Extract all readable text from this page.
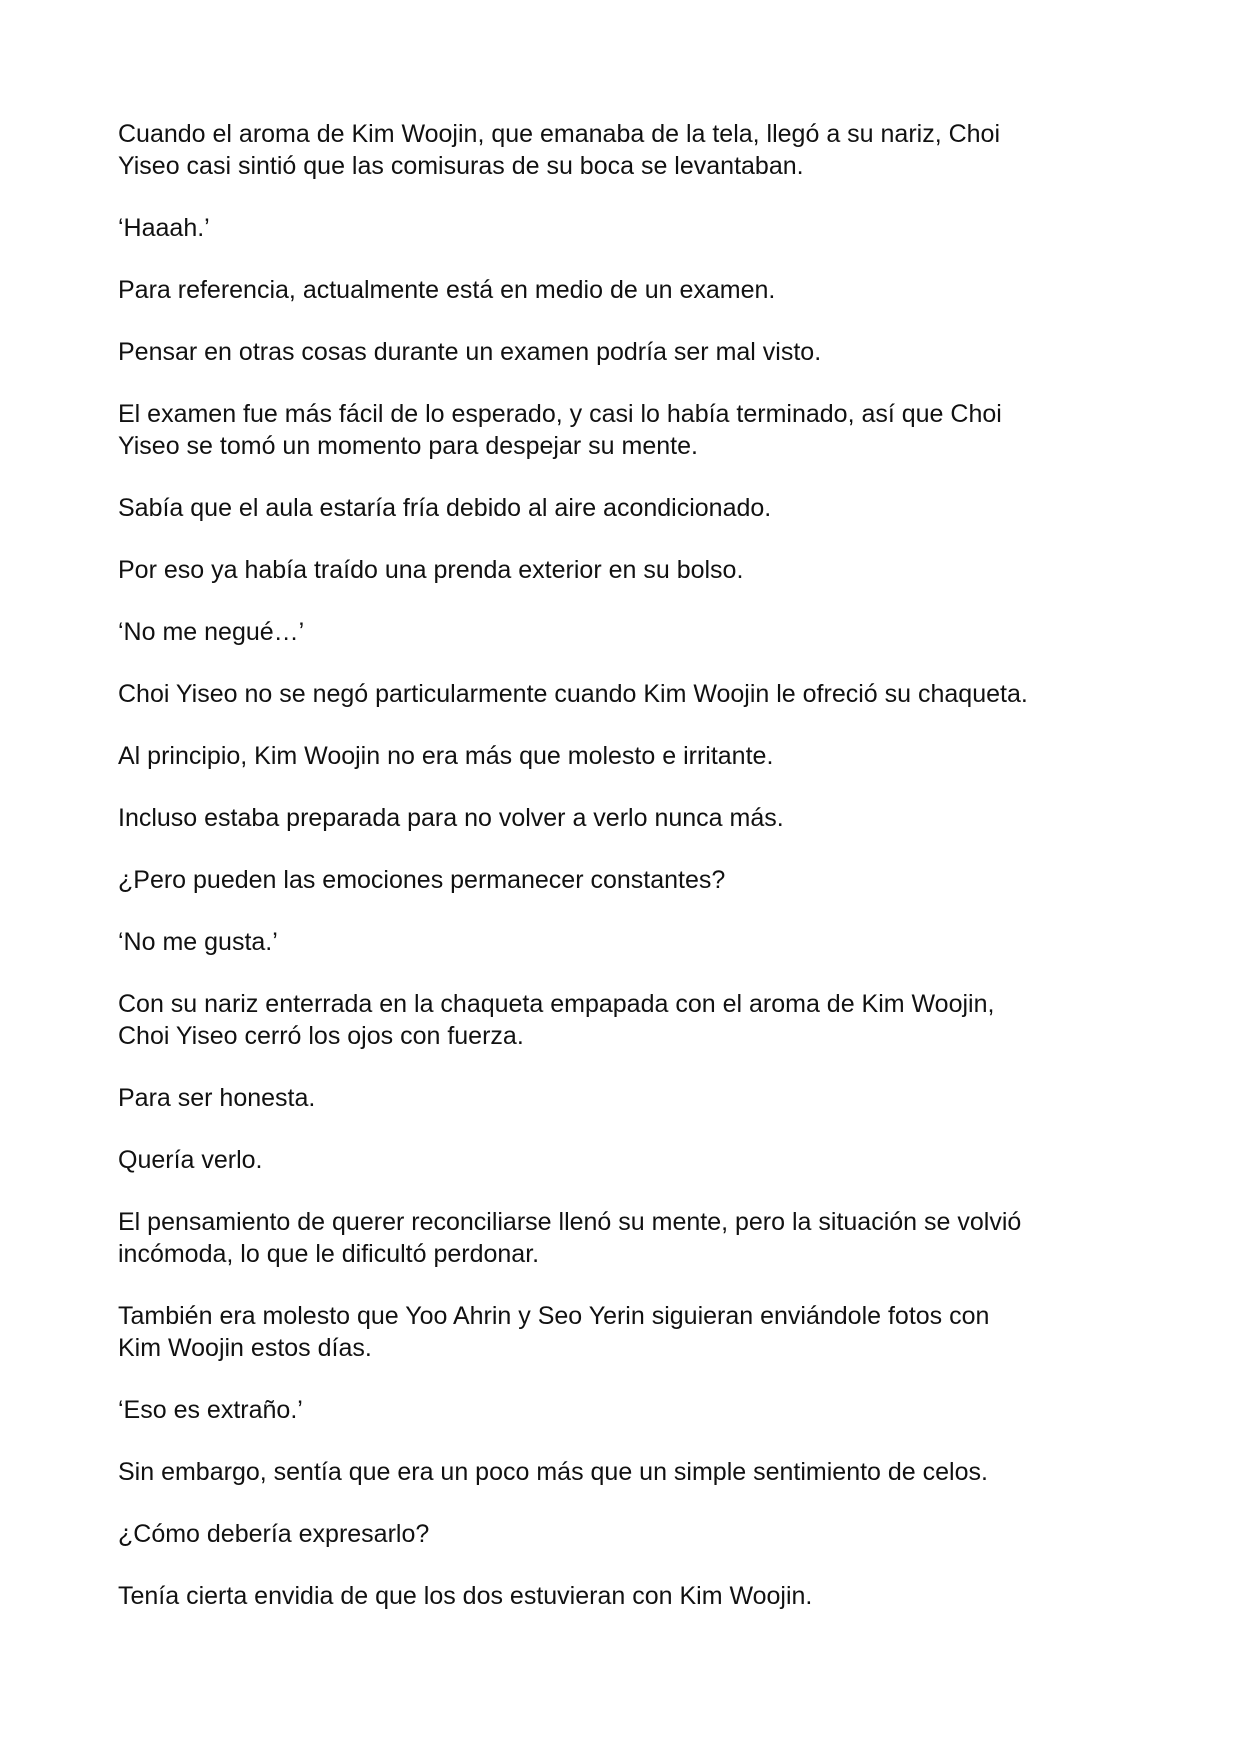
Cuando el aroma de Kim Woojin, que emanaba de la tela, llegó a su nariz, Choi
Yiseo casi sintió que las comisuras de su boca se levantaban.

‘Haaah.’

Para referencia, actualmente está en medio de un examen.

Pensar en otras cosas durante un examen podría ser mal visto.

El examen fue más fácil de lo esperado, y casi lo había terminado, así que Choi
Yiseo se tomó un momento para despejar su mente.

Sabía que el aula estaría fría debido al aire acondicionado.

Por eso ya había traído una prenda exterior en su bolso.

‘No me negué…’

Choi Yiseo no se negó particularmente cuando Kim Woojin le ofreció su chaqueta.

Al principio, Kim Woojin no era más que molesto e irritante.

Incluso estaba preparada para no volver a verlo nunca más.

¿Pero pueden las emociones permanecer constantes?

‘No me gusta.’

Con su nariz enterrada en la chaqueta empapada con el aroma de Kim Woojin,
Choi Yiseo cerró los ojos con fuerza.

Para ser honesta.

Quería verlo.

El pensamiento de querer reconciliarse llenó su mente, pero la situación se volvió
incómoda, lo que le dificultó perdonar.

También era molesto que Yoo Ahrin y Seo Yerin siguieran enviándole fotos con
Kim Woojin estos días.

‘Eso es extraño.’

Sin embargo, sentía que era un poco más que un simple sentimiento de celos.

¿Cómo debería expresarlo?

Tenía cierta envidia de que los dos estuvieran con Kim Woojin.
